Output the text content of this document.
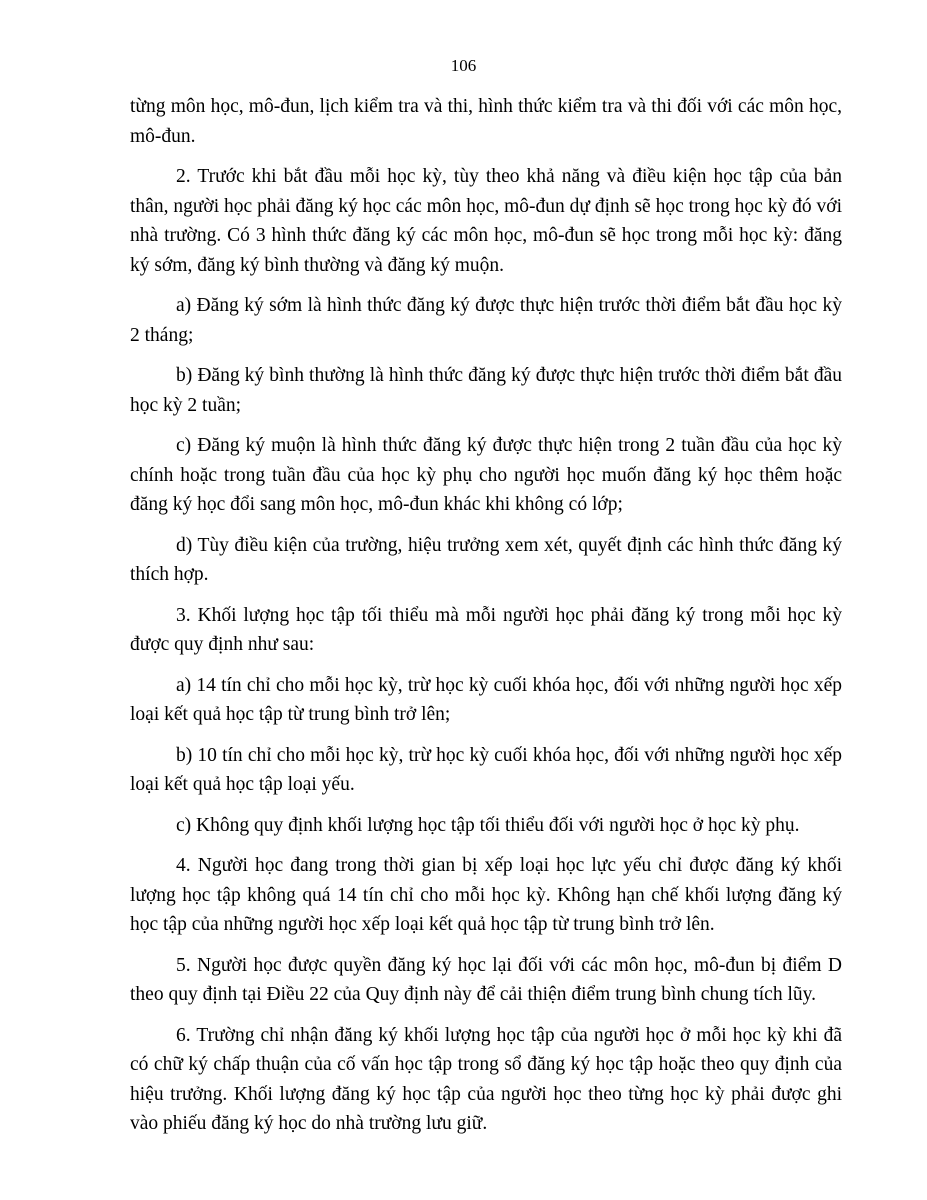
106

từng môn học, mô-đun, lịch kiểm tra và thi, hình thức kiểm tra và thi đối với các môn học, mô-đun.

2. Trước khi bắt đầu mỗi học kỳ, tùy theo khả năng và điều kiện học tập của bản thân, người học phải đăng ký học các môn học, mô-đun dự định sẽ học trong học kỳ đó với nhà trường. Có 3 hình thức đăng ký các môn học, mô-đun sẽ học trong mỗi học kỳ: đăng ký sớm, đăng ký bình thường và đăng ký muộn.

a) Đăng ký sớm là hình thức đăng ký được thực hiện trước thời điểm bắt đầu học kỳ 2 tháng;

b) Đăng ký bình thường là hình thức đăng ký được thực hiện trước thời điểm bắt đầu học kỳ 2 tuần;

c) Đăng ký muộn là hình thức đăng ký được thực hiện trong 2 tuần đầu của học kỳ chính hoặc trong tuần đầu của học kỳ phụ cho người học muốn đăng ký học thêm hoặc đăng ký học đổi sang môn học, mô-đun khác khi không có lớp;

d) Tùy điều kiện của trường, hiệu trưởng xem xét, quyết định các hình thức đăng ký thích hợp.

3. Khối lượng học tập tối thiểu mà mỗi người học phải đăng ký trong mỗi học kỳ được quy định như sau:

a) 14 tín chỉ cho mỗi học kỳ, trừ học kỳ cuối khóa học, đối với những người học xếp loại kết quả học tập từ trung bình trở lên;

b) 10 tín chỉ cho mỗi học kỳ, trừ học kỳ cuối khóa học, đối với những người học xếp loại kết quả học tập loại yếu.

c) Không quy định khối lượng học tập tối thiểu đối với người học ở học kỳ phụ.

4. Người học đang trong thời gian bị xếp loại học lực yếu chỉ được đăng ký khối lượng học tập không quá 14 tín chỉ cho mỗi học kỳ. Không hạn chế khối lượng đăng ký học tập của những người học xếp loại kết quả học tập từ trung bình trở lên.

5. Người học được quyền đăng ký học lại đối với các môn học, mô-đun bị điểm D theo quy định tại Điều 22 của Quy định này để cải thiện điểm trung bình chung tích lũy.

6. Trường chỉ nhận đăng ký khối lượng học tập của người học ở mỗi học kỳ khi đã có chữ ký chấp thuận của cố vấn học tập trong sổ đăng ký học tập hoặc theo quy định của hiệu trưởng. Khối lượng đăng ký học tập của người học theo từng học kỳ phải được ghi vào phiếu đăng ký học do nhà trường lưu giữ.
